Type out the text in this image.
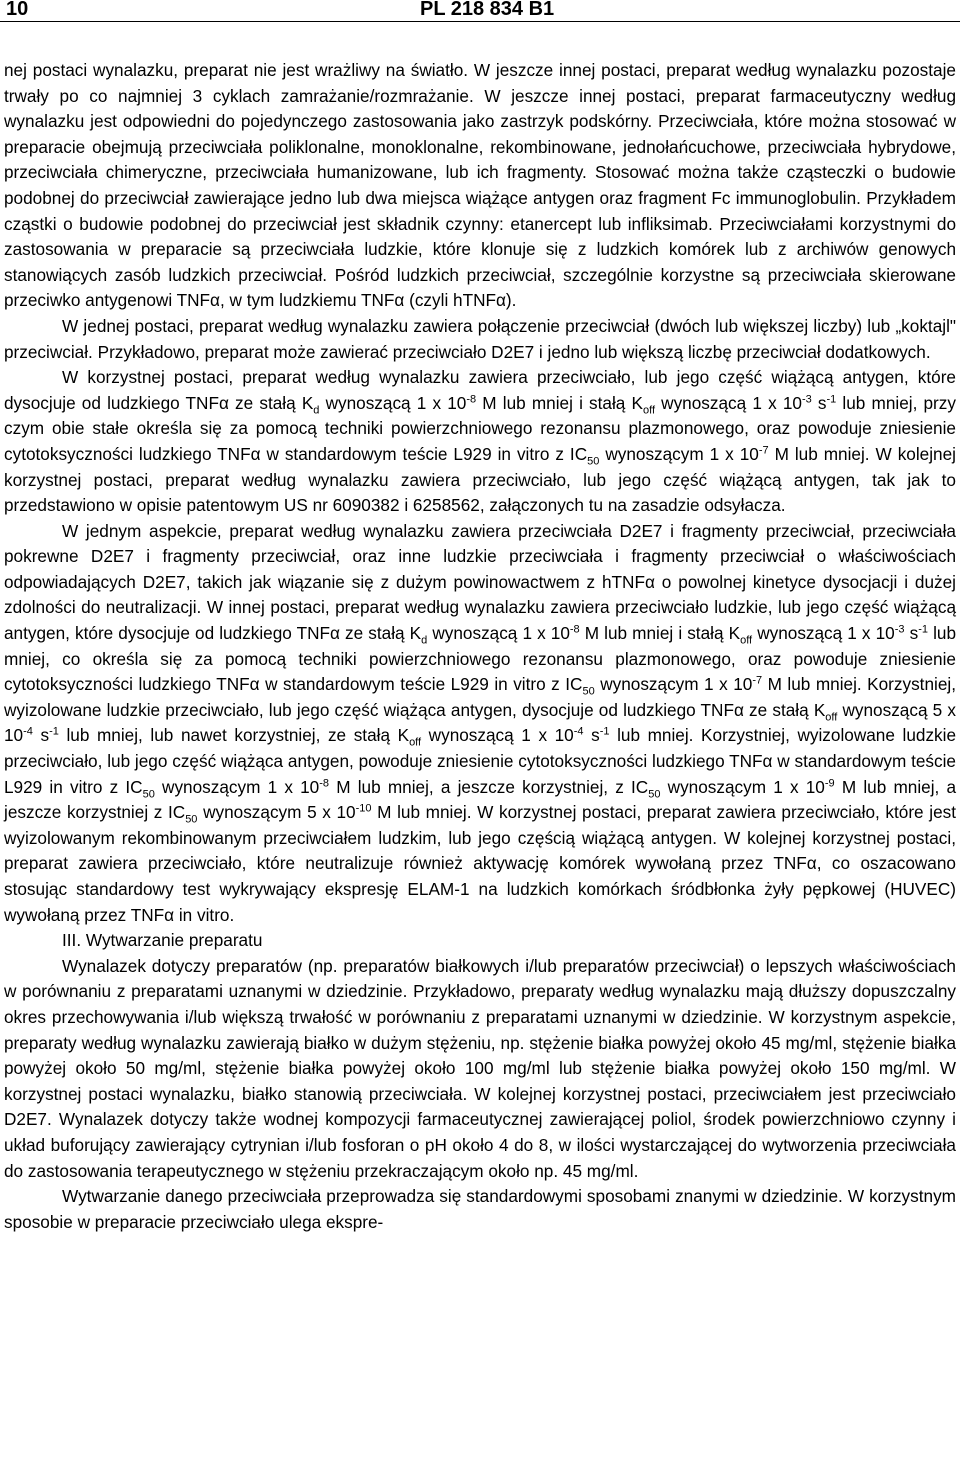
10	PL 218 834 B1

nej postaci wynalazku, preparat nie jest wrażliwy na światło. W jeszcze innej postaci, preparat według wynalazku pozostaje trwały po co najmniej 3 cyklach zamrażanie/rozmrażanie. W jeszcze innej postaci, preparat farmaceutyczny według wynalazku jest odpowiedni do pojedynczego zastosowania jako zastrzyk podskórny. Przeciwciała, które można stosować w preparacie obejmują przeciwciała poliklonalne, monoklonalne, rekombinowane, jednołańcuchowe, przeciwciała hybrydowe, przeciwciała chimeryczne, przeciwciała humanizowane, lub ich fragmenty. Stosować można także cząsteczki o budowie podobnej do przeciwciał zawierające jedno lub dwa miejsca wiążące antygen oraz fragment Fc immunoglobulin. Przykładem cząstki o budowie podobnej do przeciwciał jest składnik czynny: etanercept lub infliksimab. Przeciwciałami korzystnymi do zastosowania w preparacie są przeciwciała ludzkie, które klonuje się z ludzkich komórek lub z archiwów genowych stanowiących zasób ludzkich przeciwciał. Pośród ludzkich przeciwciał, szczególnie korzystne są przeciwciała skierowane przeciwko antygenowi TNFα, w tym ludzkiemu TNFα (czyli hTNFα).

W jednej postaci, preparat według wynalazku zawiera połączenie przeciwciał (dwóch lub większej liczby) lub „koktajl" przeciwciał. Przykładowo, preparat może zawierać przeciwciało D2E7 i jedno lub większą liczbę przeciwciał dodatkowych.

W korzystnej postaci, preparat według wynalazku zawiera przeciwciało, lub jego część wiążącą antygen, które dysocjuje od ludzkiego TNFα ze stałą $K_d$ wynoszącą 1 x $10^{-8}$ M lub mniej i stałą $K_{off}$ wynoszącą 1 x $10^{-3}$ $s^{-1}$ lub mniej, przy czym obie stałe określa się za pomocą techniki powierzchniowego rezonansu plazmonowego, oraz powoduje zniesienie cytotoksyczności ludzkiego TNFα w standardowym teście L929 in vitro z $IC_{50}$ wynoszącym 1 x $10^{-7}$ M lub mniej. W kolejnej korzystnej postaci, preparat według wynalazku zawiera przeciwciało, lub jego część wiążącą antygen, tak jak to przedstawiono w opisie patentowym US nr 6090382 i 6258562, załączonych tu na zasadzie odsyłacza.

W jednym aspekcie, preparat według wynalazku zawiera przeciwciała D2E7 i fragmenty przeciwciał, przeciwciała pokrewne D2E7 i fragmenty przeciwciał, oraz inne ludzkie przeciwciała i fragmenty przeciwciał o właściwościach odpowiadających D2E7, takich jak wiązanie się z dużym powinowactwem z hTNFα o powolnej kinetyce dysocjacji i dużej zdolności do neutralizacji. W innej postaci, preparat według wynalazku zawiera przeciwciało ludzkie, lub jego część wiążącą antygen, które dysocjuje od ludzkiego TNFα ze stałą $K_d$ wynoszącą 1 x $10^{-8}$ M lub mniej i stałą $K_{off}$ wynoszącą 1 x $10^{-3}$ $s^{-1}$ lub mniej, co określa się za pomocą techniki powierzchniowego rezonansu plazmonowego, oraz powoduje zniesienie cytotoksyczności ludzkiego TNFα w standardowym teście L929 in vitro z $IC_{50}$ wynoszącym 1 x $10^{-7}$ M lub mniej. Korzystniej, wyizolowane ludzkie przeciwciało, lub jego część wiążąca antygen, dysocjuje od ludzkiego TNFα ze stałą $K_{off}$ wynoszącą 5 x $10^{-4}$ $s^{-1}$ lub mniej, lub nawet korzystniej, ze stałą $K_{off}$ wynoszącą 1 x $10^{-4}$ $s^{-1}$ lub mniej. Korzystniej, wyizolowane ludzkie przeciwciało, lub jego część wiążąca antygen, powoduje zniesienie cytotoksyczności ludzkiego TNFα w standardowym teście L929 in vitro z $IC_{50}$ wynoszącym 1 x $10^{-8}$ M lub mniej, a jeszcze korzystniej, z $IC_{50}$ wynoszącym 1 x $10^{-9}$ M lub mniej, a jeszcze korzystniej z $IC_{50}$ wynoszącym 5 x $10^{-10}$ M lub mniej. W korzystnej postaci, preparat zawiera przeciwciało, które jest wyizolowanym rekombinowanym przeciwciałem ludzkim, lub jego częścią wiążącą antygen. W kolejnej korzystnej postaci, preparat zawiera przeciwciało, które neutralizuje również aktywację komórek wywołaną przez TNFα, co oszacowano stosując standardowy test wykrywający ekspresję ELAM-1 na ludzkich komórkach śródbłonka żyły pępkowej (HUVEC) wywołaną przez TNFα in vitro.

III. Wytwarzanie preparatu

Wynalazek dotyczy preparatów (np. preparatów białkowych i/lub preparatów przeciwciał) o lepszych właściwościach w porównaniu z preparatami uznanymi w dziedzinie. Przykładowo, preparaty według wynalazku mają dłuższy dopuszczalny okres przechowywania i/lub większą trwałość w porównaniu z preparatami uznanymi w dziedzinie. W korzystnym aspekcie, preparaty według wynalazku zawierają białko w dużym stężeniu, np. stężenie białka powyżej około 45 mg/ml, stężenie białka powyżej około 50 mg/ml, stężenie białka powyżej około 100 mg/ml lub stężenie białka powyżej około 150 mg/ml. W korzystnej postaci wynalazku, białko stanowią przeciwciała. W kolejnej korzystnej postaci, przeciwciałem jest przeciwciało D2E7. Wynalazek dotyczy także wodnej kompozycji farmaceutycznej zawierającej poliol, środek powierzchniowo czynny i układ buforujący zawierający cytrynian i/lub fosforan o pH około 4 do 8, w ilości wystarczającej do wytworzenia przeciwciała do zastosowania terapeutycznego w stężeniu przekraczającym około np. 45 mg/ml.

Wytwarzanie danego przeciwciała przeprowadza się standardowymi sposobami znanymi w dziedzinie. W korzystnym sposobie w preparacie przeciwciało ulega ekspre-
